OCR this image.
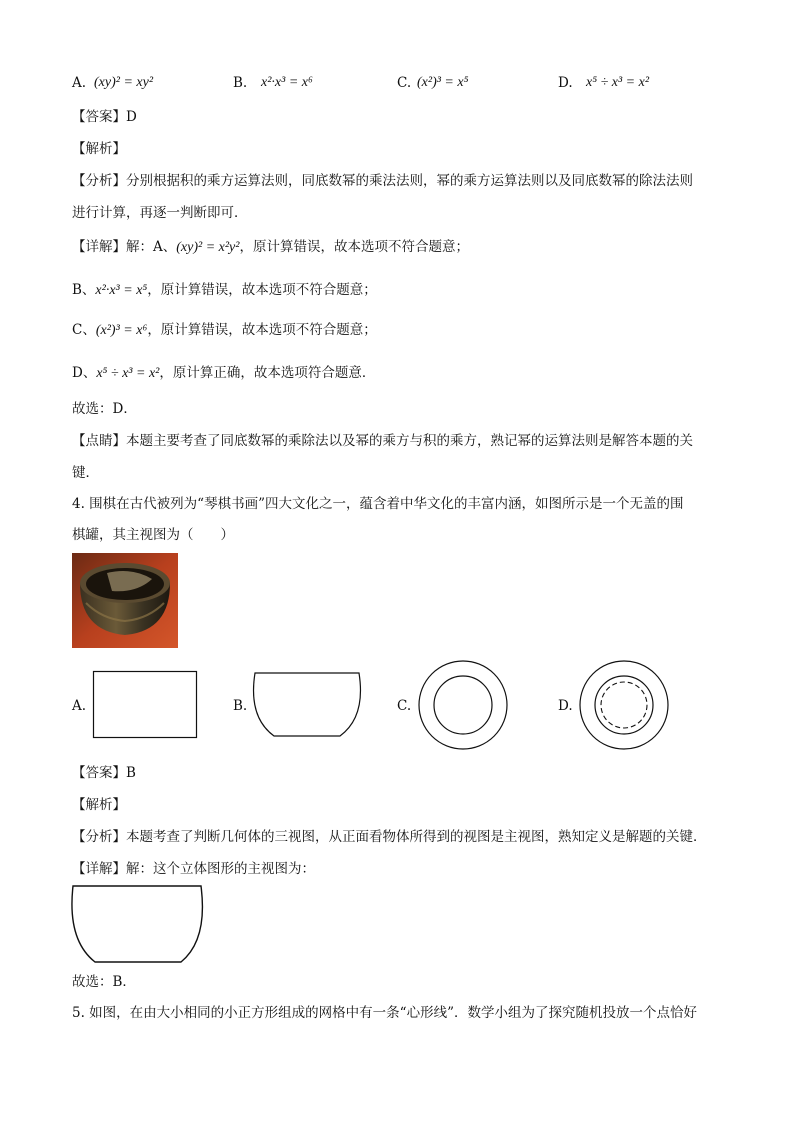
A. (xy)² = xy²	B. x²·x³ = x⁶	C. (x²)³ = x⁵	D. x⁵ ÷ x³ = x²
【答案】D
【解析】
【分析】分别根据积的乘方运算法则，同底数幂的乘法法则，幂的乘方运算法则以及同底数幂的除法法则
进行计算，再逐一判断即可．
【详解】解：A、(xy)² = x²y²，原计算错误，故本选项不符合题意；
B、x²·x³ = x⁵，原计算错误，故本选项不符合题意；
C、(x²)³ = x⁶，原计算错误，故本选项不符合题意；
D、x⁵ ÷ x³ = x²，原计算正确，故本选项符合题意．
故选：D．
【点睛】本题主要考查了同底数幂的乘除法以及幂的乘方与积的乘方，熟记幂的运算法则是解答本题的关
键．
4. 围棋在古代被列为“琴棋书画”四大文化之一，蕴含着中华文化的丰富内涵，如图所示是一个无盖的围
棋罐，其主视图为（　　）
A.	B.	C.	D.
【答案】B
【解析】
【分析】本题考查了判断几何体的三视图，从正面看物体所得到的视图是主视图，熟知定义是解题的关键．
【详解】解：这个立体图形的主视图为：
故选：B．
5. 如图，在由大小相同的小正方形组成的网格中有一条“心形线”．数学小组为了探究随机投放一个点恰好
